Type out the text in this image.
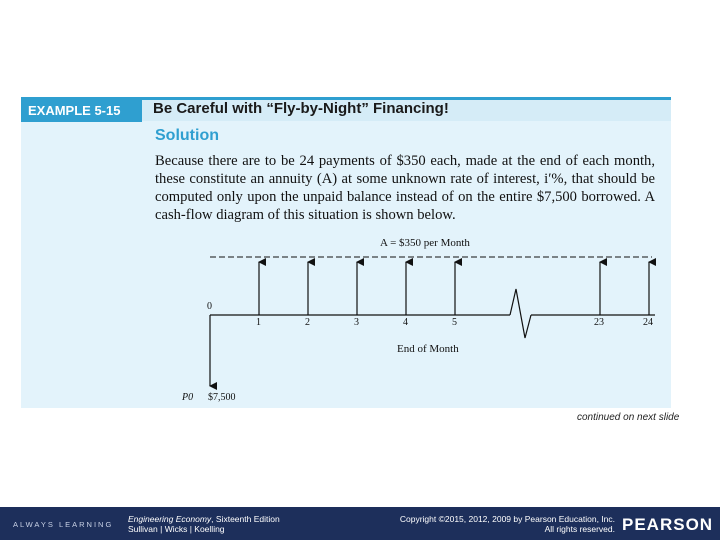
EXAMPLE 5-15	Be Careful with “Fly-by-Night” Financing!
Solution
Because there are to be 24 payments of $350 each, made at the end of each month, these constitute an annuity (A) at some unknown rate of interest, i′%, that should be computed only upon the unpaid balance instead of on the entire $7,500 borrowed. A cash-flow diagram of this situation is shown below.
A = $350 per Month
0
1	2	3	4	5	23	24
End of Month
P0 $7,500
continued on next slide
ALWAYS LEARNING
Engineering Economy, Sixteenth Edition
Sullivan | Wicks | Koelling
Copyright ©2015, 2012, 2009 by Pearson Education, Inc.
All rights reserved. PEARSON
